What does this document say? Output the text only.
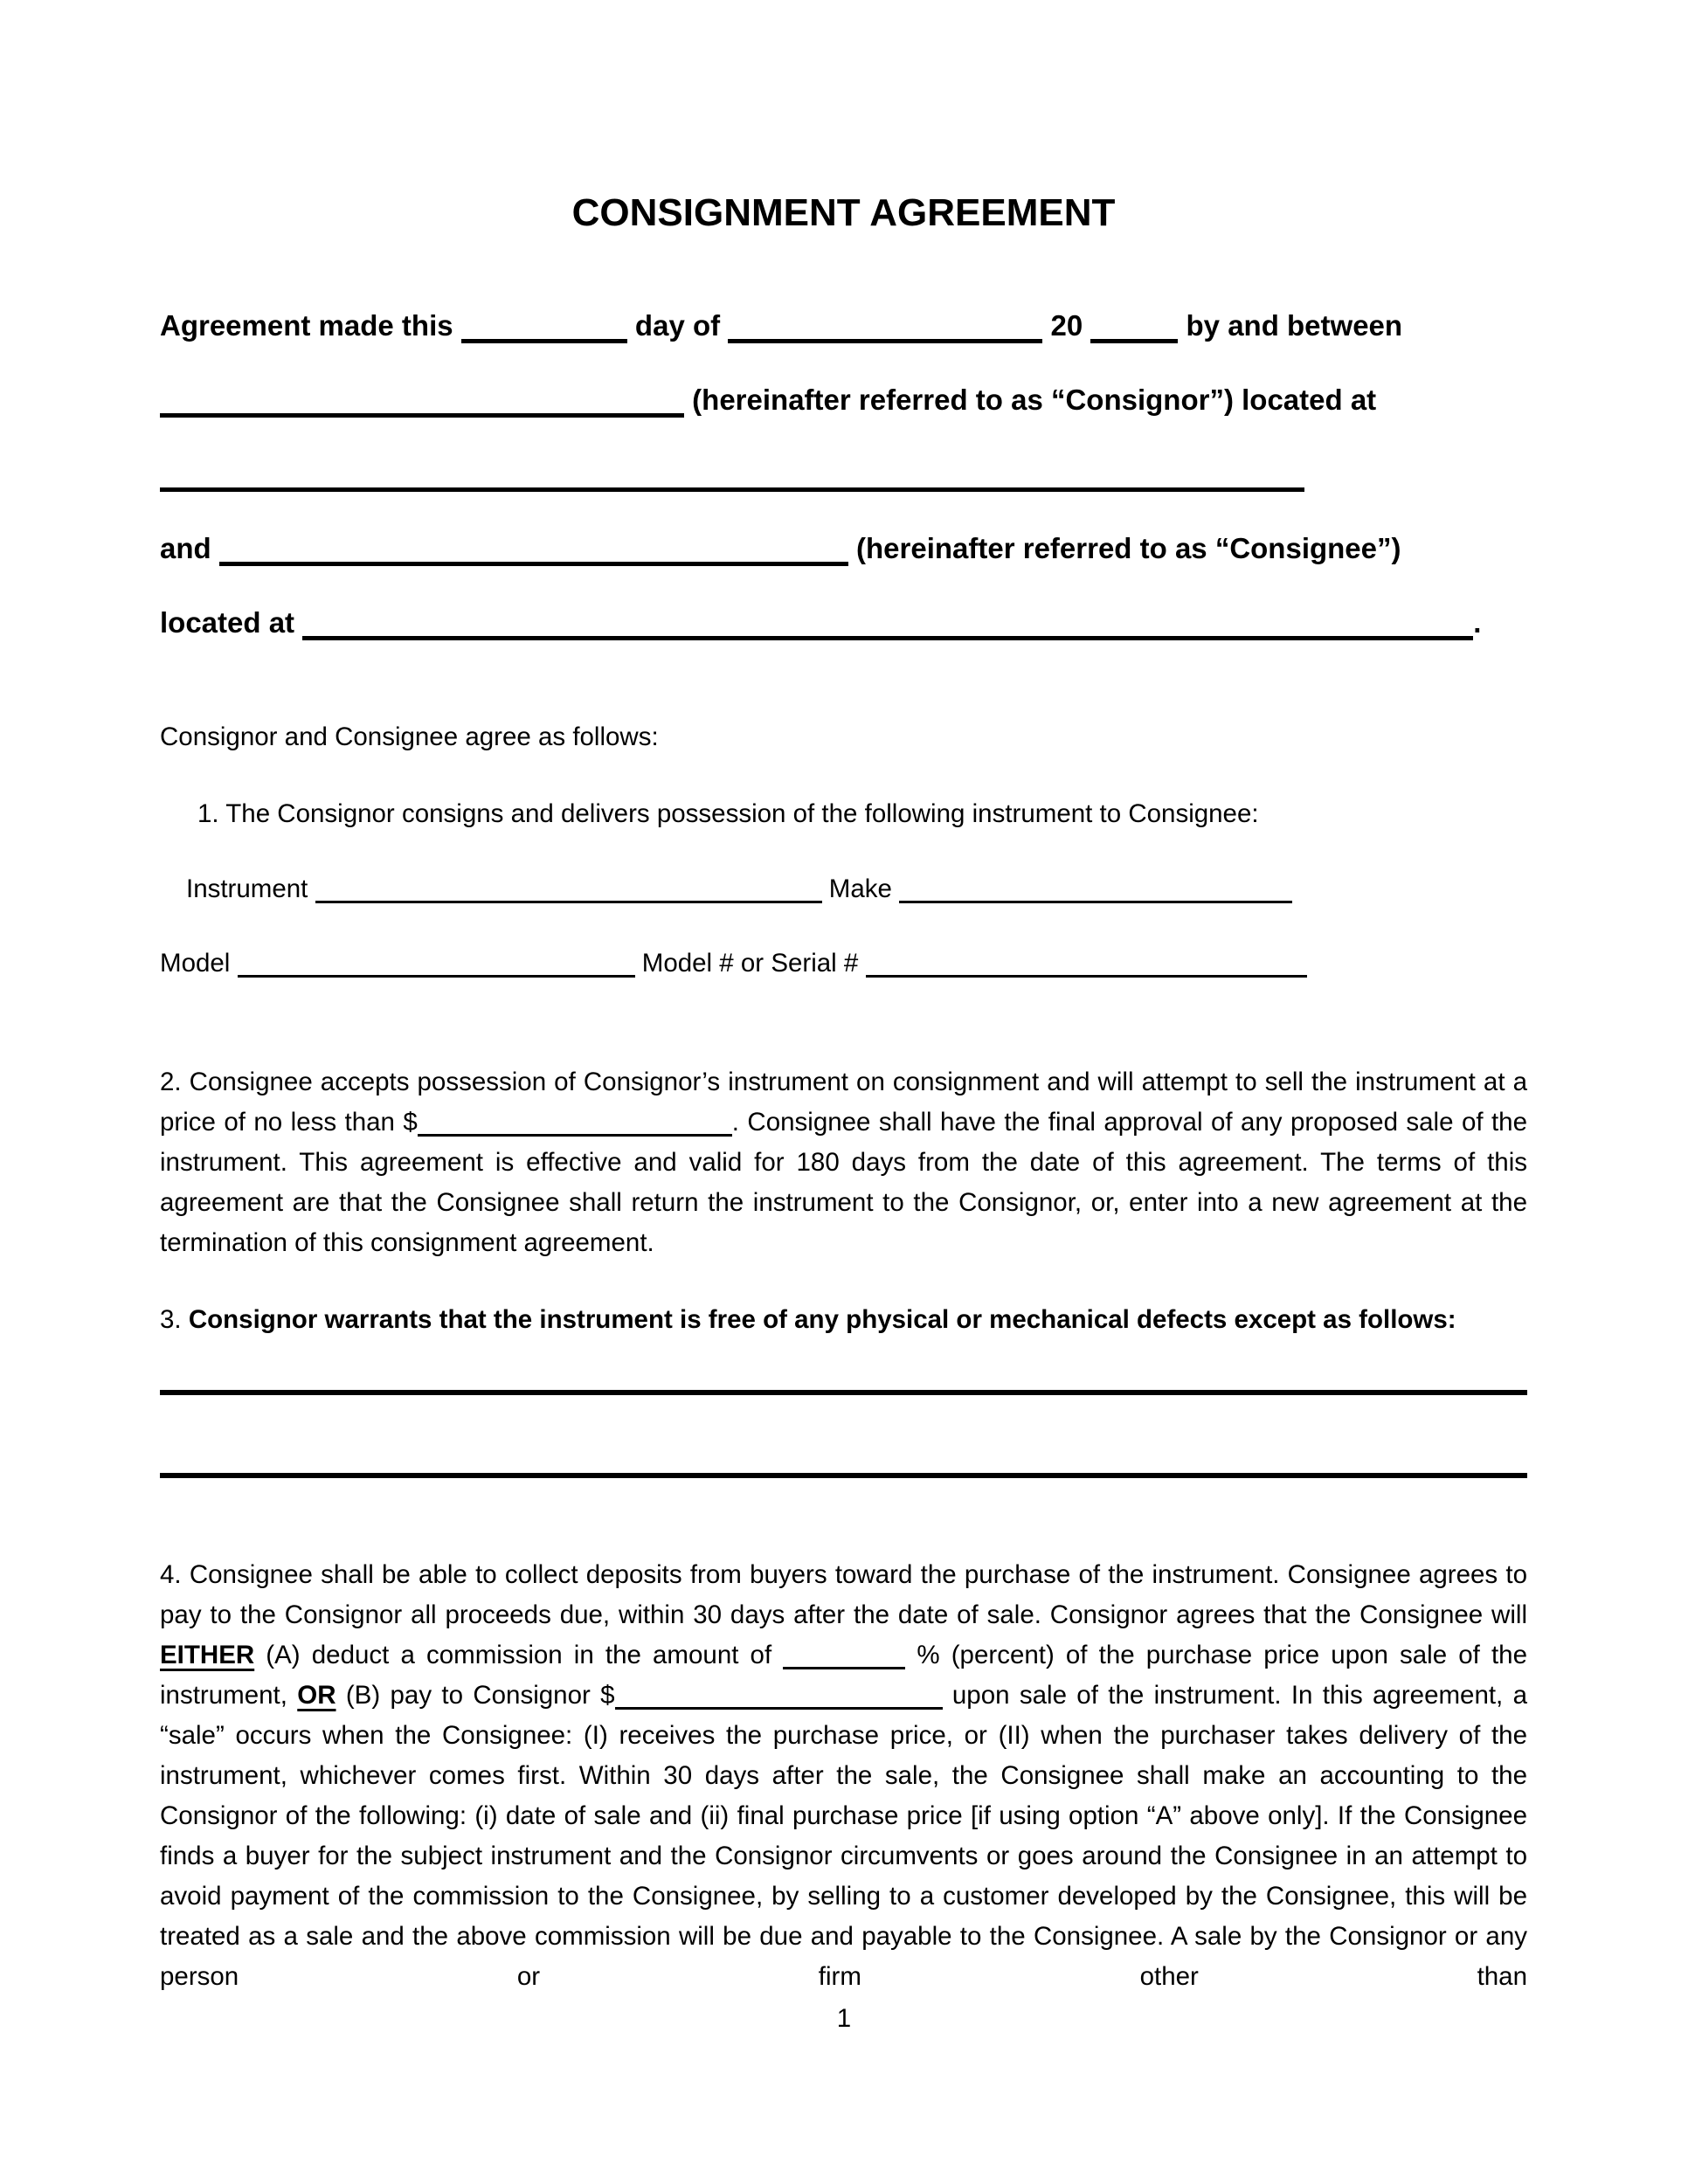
CONSIGNMENT AGREEMENT
Agreement made this	day of	20	by and between
(hereinafter referred to as “Consignor”) located at
and	(hereinafter referred to as “Consignee”)
located at	.
Consignor and Consignee agree as follows:
1. The Consignor consigns and delivers possession of the following instrument to Consignee:
Instrument	Make
Model	Model # or Serial #
2. Consignee accepts possession of Consignor’s instrument on consignment and will attempt to sell the instrument at a price of no less than $	. Consignee shall have the final approval of any proposed sale of the instrument. This agreement is effective and valid for 180 days from the date of this agreement. The terms of this agreement are that the Consignee shall return the instrument to the Consignor, or, enter into a new agreement at the termination of this consignment agreement.
3. Consignor warrants that the instrument is free of any physical or mechanical defects except as follows:
4. Consignee shall be able to collect deposits from buyers toward the purchase of the instrument. Consignee agrees to pay to the Consignor all proceeds due, within 30 days after the date of sale. Consignor agrees that the Consignee will EITHER (A) deduct a commission in the amount of	% (percent) of the purchase price upon sale of the instrument, OR (B) pay to Consignor $	upon sale of the instrument. In this agreement, a “sale” occurs when the Consignee: (I) receives the purchase price, or (II) when the purchaser takes delivery of the instrument, whichever comes first. Within 30 days after the sale, the Consignee shall make an accounting to the Consignor of the following: (i) date of sale and (ii) final purchase price [if using option “A” above only]. If the Consignee finds a buyer for the subject instrument and the Consignor circumvents or goes around the Consignee in an attempt to avoid payment of the commission to the Consignee, by selling to a customer developed by the Consignee, this will be treated as a sale and the above commission will be due and payable to the Consignee. A sale by the Consignor or any person or firm other than
1
